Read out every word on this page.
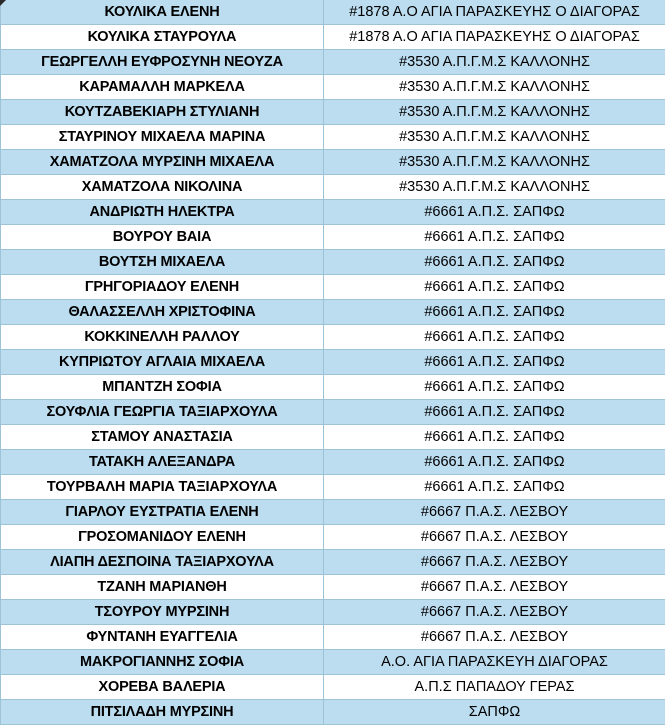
ΚΟΥΛΙΚΑ ΕΛΕΝΗ	#1878 Α.Ο ΑΓΙΑ ΠΑΡΑΣΚΕΥΗΣ Ο ΔΙΑΓΟΡΑΣ
ΚΟΥΛΙΚΑ ΣΤΑΥΡΟΥΛΑ	#1878 Α.Ο ΑΓΙΑ ΠΑΡΑΣΚΕΥΗΣ Ο ΔΙΑΓΟΡΑΣ
ΓΕΩΡΓΕΛΛΗ ΕΥΦΡΟΣΥΝΗ ΝΕΟΥΖΑ	#3530 Α.Π.Γ.Μ.Σ ΚΑΛΛΟΝΗΣ
ΚΑΡΑΜΑΛΛΗ ΜΑΡΚΕΛΑ	#3530 Α.Π.Γ.Μ.Σ ΚΑΛΛΟΝΗΣ
ΚΟΥΤΖΑΒΕΚΙΑΡΗ ΣΤΥΛΙΑΝΗ	#3530 Α.Π.Γ.Μ.Σ ΚΑΛΛΟΝΗΣ
ΣΤΑΥΡΙΝΟΥ ΜΙΧΑΕΛΑ ΜΑΡΙΝΑ	#3530 Α.Π.Γ.Μ.Σ ΚΑΛΛΟΝΗΣ
ΧΑΜΑΤΖΟΛΑ ΜΥΡΣΙΝΗ ΜΙΧΑΕΛΑ	#3530 Α.Π.Γ.Μ.Σ ΚΑΛΛΟΝΗΣ
ΧΑΜΑΤΖΟΛΑ ΝΙΚΟΛΙΝΑ	#3530 Α.Π.Γ.Μ.Σ ΚΑΛΛΟΝΗΣ
ΑΝΔΡΙΩΤΗ ΗΛΕΚΤΡΑ	#6661 Α.Π.Σ. ΣΑΠΦΩ
ΒΟΥΡΟΥ ΒΑΙΑ	#6661 Α.Π.Σ. ΣΑΠΦΩ
ΒΟΥΤΣΗ ΜΙΧΑΕΛΑ	#6661 Α.Π.Σ. ΣΑΠΦΩ
ΓΡΗΓΟΡΙΑΔΟΥ ΕΛΕΝΗ	#6661 Α.Π.Σ. ΣΑΠΦΩ
ΘΑΛΑΣΣΕΛΛΗ ΧΡΙΣΤΟΦΙΝΑ	#6661 Α.Π.Σ. ΣΑΠΦΩ
ΚΟΚΚΙΝΕΛΛΗ ΡΑΛΛΟΥ	#6661 Α.Π.Σ. ΣΑΠΦΩ
ΚΥΠΡΙΩΤΟΥ ΑΓΛΑΙΑ ΜΙΧΑΕΛΑ	#6661 Α.Π.Σ. ΣΑΠΦΩ
ΜΠΑΝΤΖΗ ΣΟΦΙΑ	#6661 Α.Π.Σ. ΣΑΠΦΩ
ΣΟΥΦΛΙΑ ΓΕΩΡΓΙΑ ΤΑΞΙΑΡΧΟΥΛΑ	#6661 Α.Π.Σ. ΣΑΠΦΩ
ΣΤΑΜΟΥ ΑΝΑΣΤΑΣΙΑ	#6661 Α.Π.Σ. ΣΑΠΦΩ
ΤΑΤΑΚΗ ΑΛΕΞΑΝΔΡΑ	#6661 Α.Π.Σ. ΣΑΠΦΩ
ΤΟΥΡΒΑΛΗ ΜΑΡΙΑ ΤΑΞΙΑΡΧΟΥΛΑ	#6661 Α.Π.Σ. ΣΑΠΦΩ
ΓΙΑΡΛΟΥ ΕΥΣΤΡΑΤΙΑ ΕΛΕΝΗ	#6667 Π.Α.Σ. ΛΕΣΒΟΥ
ΓΡΟΣΟΜΑΝΙΔΟΥ ΕΛΕΝΗ	#6667 Π.Α.Σ. ΛΕΣΒΟΥ
ΛΙΑΠΗ ΔΕΣΠΟΙΝΑ ΤΑΞΙΑΡΧΟΥΛΑ	#6667 Π.Α.Σ. ΛΕΣΒΟΥ
ΤΖΑΝΗ ΜΑΡΙΑΝΘΗ	#6667 Π.Α.Σ. ΛΕΣΒΟΥ
ΤΣΟΥΡΟΥ ΜΥΡΣΙΝΗ	#6667 Π.Α.Σ. ΛΕΣΒΟΥ
ΦΥΝΤΑΝΗ ΕΥΑΓΓΕΛΙΑ	#6667 Π.Α.Σ. ΛΕΣΒΟΥ
ΜΑΚΡΟΓΙΑΝΝΗΣ ΣΟΦΙΑ	Α.Ο. ΑΓΙΑ ΠΑΡΑΣΚΕΥΗ ΔΙΑΓΟΡΑΣ
ΧΟΡΕΒΑ ΒΑΛΕΡΙΑ	Α.Π.Σ ΠΑΠΑΔΟΥ ΓΕΡΑΣ
ΠΙΤΣΙΛΑΔΗ ΜΥΡΣΙΝΗ	ΣΑΠΦΩ
